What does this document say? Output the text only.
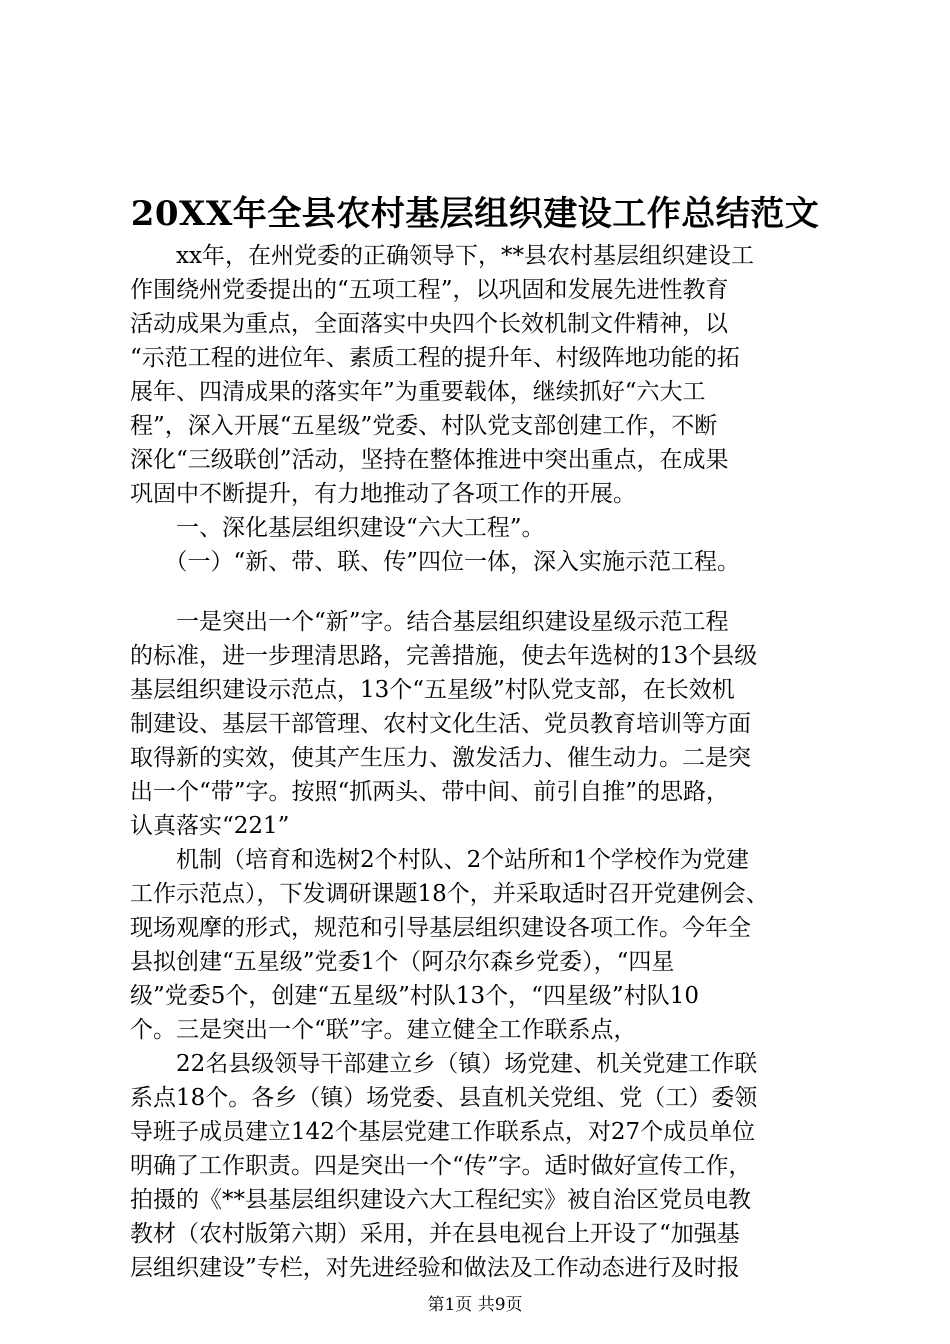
20XX年全县农村基层组织建设工作总结范文
　　xx年，在州党委的正确领导下，**县农村基层组织建设工
作围绕州党委提出的“五项工程”，以巩固和发展先进性教育
活动成果为重点，全面落实中央四个长效机制文件精神，以
“示范工程的进位年、素质工程的提升年、村级阵地功能的拓
展年、四清成果的落实年”为重要载体，继续抓好“六大工
程”，深入开展“五星级”党委、村队党支部创建工作，不断
深化“三级联创”活动，坚持在整体推进中突出重点，在成果
巩固中不断提升，有力地推动了各项工作的开展。
　　一、深化基层组织建设“六大工程”。
　　（一）“新、带、联、传”四位一体，深入实施示范工程。
　　一是突出一个“新”字。结合基层组织建设星级示范工程
的标准，进一步理清思路，完善措施，使去年选树的13个县级
基层组织建设示范点，13个“五星级”村队党支部，在长效机
制建设、基层干部管理、农村文化生活、党员教育培训等方面
取得新的实效，使其产生压力、激发活力、催生动力。二是突
出一个“带”字。按照“抓两头、带中间、前引自推”的思路，
认真落实“221”
　　机制（培育和选树2个村队、2个站所和1个学校作为党建
工作示范点），下发调研课题18个，并采取适时召开党建例会、
现场观摩的形式，规范和引导基层组织建设各项工作。今年全
县拟创建“五星级”党委1个（阿尕尔森乡党委），“四星
级”党委5个，创建“五星级”村队13个，“四星级”村队10
个。三是突出一个“联”字。建立健全工作联系点，
　　22名县级领导干部建立乡（镇）场党建、机关党建工作联
系点18个。各乡（镇）场党委、县直机关党组、党（工）委领
导班子成员建立142个基层党建工作联系点，对27个成员单位
明确了工作职责。四是突出一个“传”字。适时做好宣传工作，
拍摄的《**县基层组织建设六大工程纪实》被自治区党员电教
教材（农村版第六期）采用，并在县电视台上开设了“加强基
层组织建设”专栏，对先进经验和做法及工作动态进行及时报
第1页 共9页
